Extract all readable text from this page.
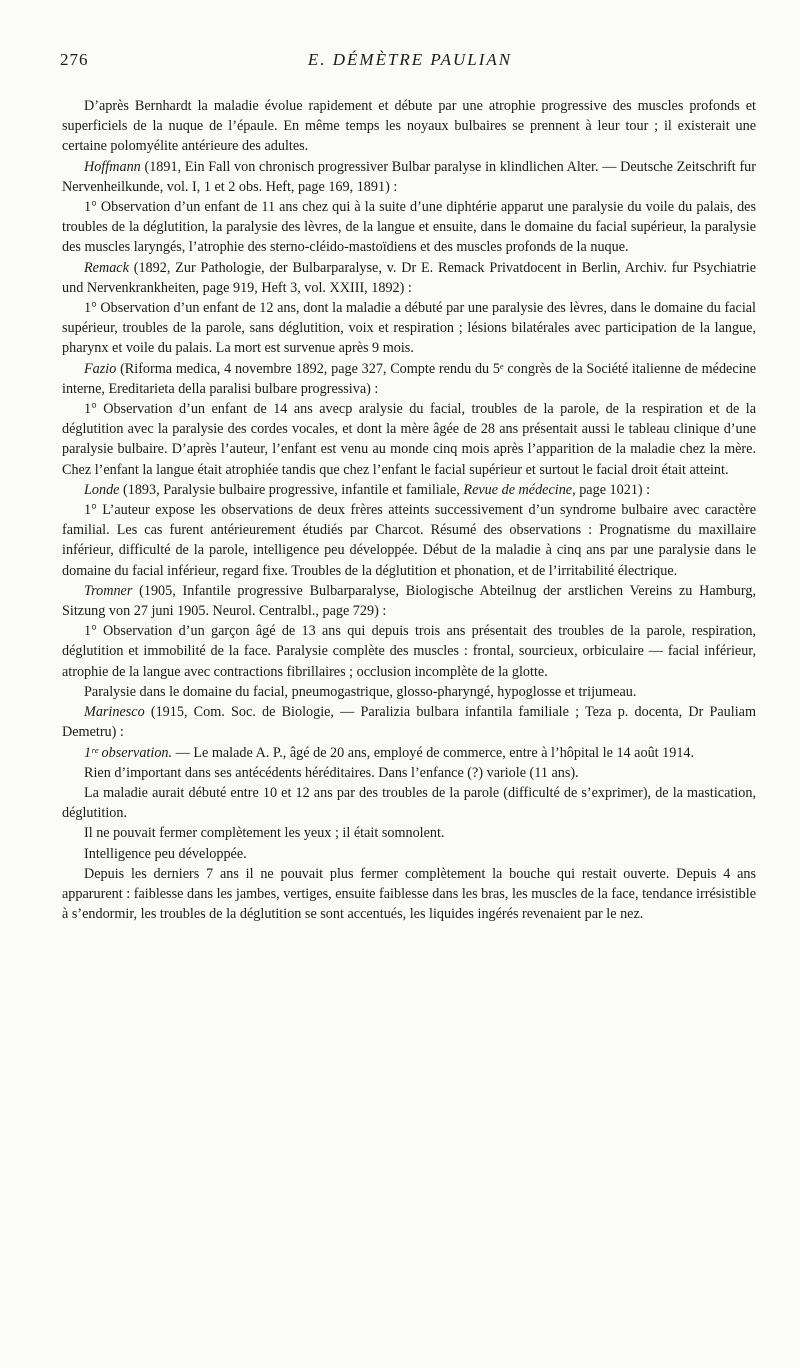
276	E. DÉMÈTRE PAULIAN

D’après Bernhardt la maladie évolue rapidement et débute par une atrophie progressive des muscles profonds et superficiels de la nuque de l’épaule. En même temps les noyaux bulbaires se prennent à leur tour ; il existerait une certaine polomyélite antérieure des adultes.

Hoffmann (1891, Ein Fall von chronisch progressiver Bulbar paralyse in klindlichen Alter. — Deutsche Zeitschrift fur Nervenheilkunde, vol. I, 1 et 2 obs. Heft, page 169, 1891) :

1° Observation d’un enfant de 11 ans chez qui à la suite d’une diphtérie apparut une paralysie du voile du palais, des troubles de la déglutition, la paralysie des lèvres, de la langue et ensuite, dans le domaine du facial supérieur, la paralysie des muscles laryngés, l’atrophie des sterno-cléido-mastoïdiens et des muscles profonds de la nuque.

Remack (1892, Zur Pathologie, der Bulbarparalyse, v. Dr E. Remack Privatdocent in Berlin, Archiv. fur Psychiatrie und Nervenkrankheiten, page 919, Heft 3, vol. XXIII, 1892) :

1° Observation d’un enfant de 12 ans, dont la maladie a débuté par une paralysie des lèvres, dans le domaine du facial supérieur, troubles de la parole, sans déglutition, voix et respiration ; lésions bilatérales avec participation de la langue, pharynx et voile du palais. La mort est survenue après 9 mois.

Fazio (Riforma medica, 4 novembre 1892, page 327, Compte rendu du 5ᵉ congrès de la Société italienne de médecine interne, Ereditarieta della paralisi bulbare progressiva) :

1° Observation d’un enfant de 14 ans avecp aralysie du facial, troubles de la parole, de la respiration et de la déglutition avec la paralysie des cordes vocales, et dont la mère âgée de 28 ans présentait aussi le tableau clinique d’une paralysie bulbaire. D’après l’auteur, l’enfant est venu au monde cinq mois après l’apparition de la maladie chez la mère. Chez l’enfant la langue était atrophiée tandis que chez l’enfant le facial supérieur et surtout le facial droit était atteint.

Londe (1893, Paralysie bulbaire progressive, infantile et familiale, Revue de médecine, page 1021) :

1° L’auteur expose les observations de deux frères atteints successivement d’un syndrome bulbaire avec caractère familial. Les cas furent antérieurement étudiés par Charcot. Résumé des observations : Prognatisme du maxillaire inférieur, difficulté de la parole, intelligence peu développée. Début de la maladie à cinq ans par une paralysie dans le domaine du facial inférieur, regard fixe. Troubles de la déglutition et phonation, et de l’irritabilité électrique.

Tromner (1905, Infantile progressive Bulbarparalyse, Biologische Abteilnug der arstlichen Vereins zu Hamburg, Sitzung von 27 juni 1905. Neurol. Centralbl., page 729) :

1° Observation d’un garçon âgé de 13 ans qui depuis trois ans présentait des troubles de la parole, respiration, déglutition et immobilité de la face. Paralysie complète des muscles : frontal, sourcieux, orbiculaire — facial inférieur, atrophie de la langue avec contractions fibrillaires ; occlusion incomplète de la glotte.

Paralysie dans le domaine du facial, pneumogastrique, glosso-pharyngé, hypoglosse et trijumeau.

Marinesco (1915, Com. Soc. de Biologie, — Paralizia bulbara infantila familiale ; Teza p. docenta, Dr Pauliam Demetru) :

1ʳᵉ observation. — Le malade A. P., âgé de 20 ans, employé de commerce, entre à l’hôpital le 14 août 1914.

Rien d’important dans ses antécédents héréditaires. Dans l’enfance (?) variole (11 ans).

La maladie aurait débuté entre 10 et 12 ans par des troubles de la parole (difficulté de s’exprimer), de la mastication, déglutition.

Il ne pouvait fermer complètement les yeux ; il était somnolent.

Intelligence peu développée.

Depuis les derniers 7 ans il ne pouvait plus fermer complètement la bouche qui restait ouverte. Depuis 4 ans apparurent : faiblesse dans les jambes, vertiges, ensuite faiblesse dans les bras, les muscles de la face, tendance irrésistible à s’endormir, les troubles de la déglutition se sont accentués, les liquides ingérés revenaient par le nez.
